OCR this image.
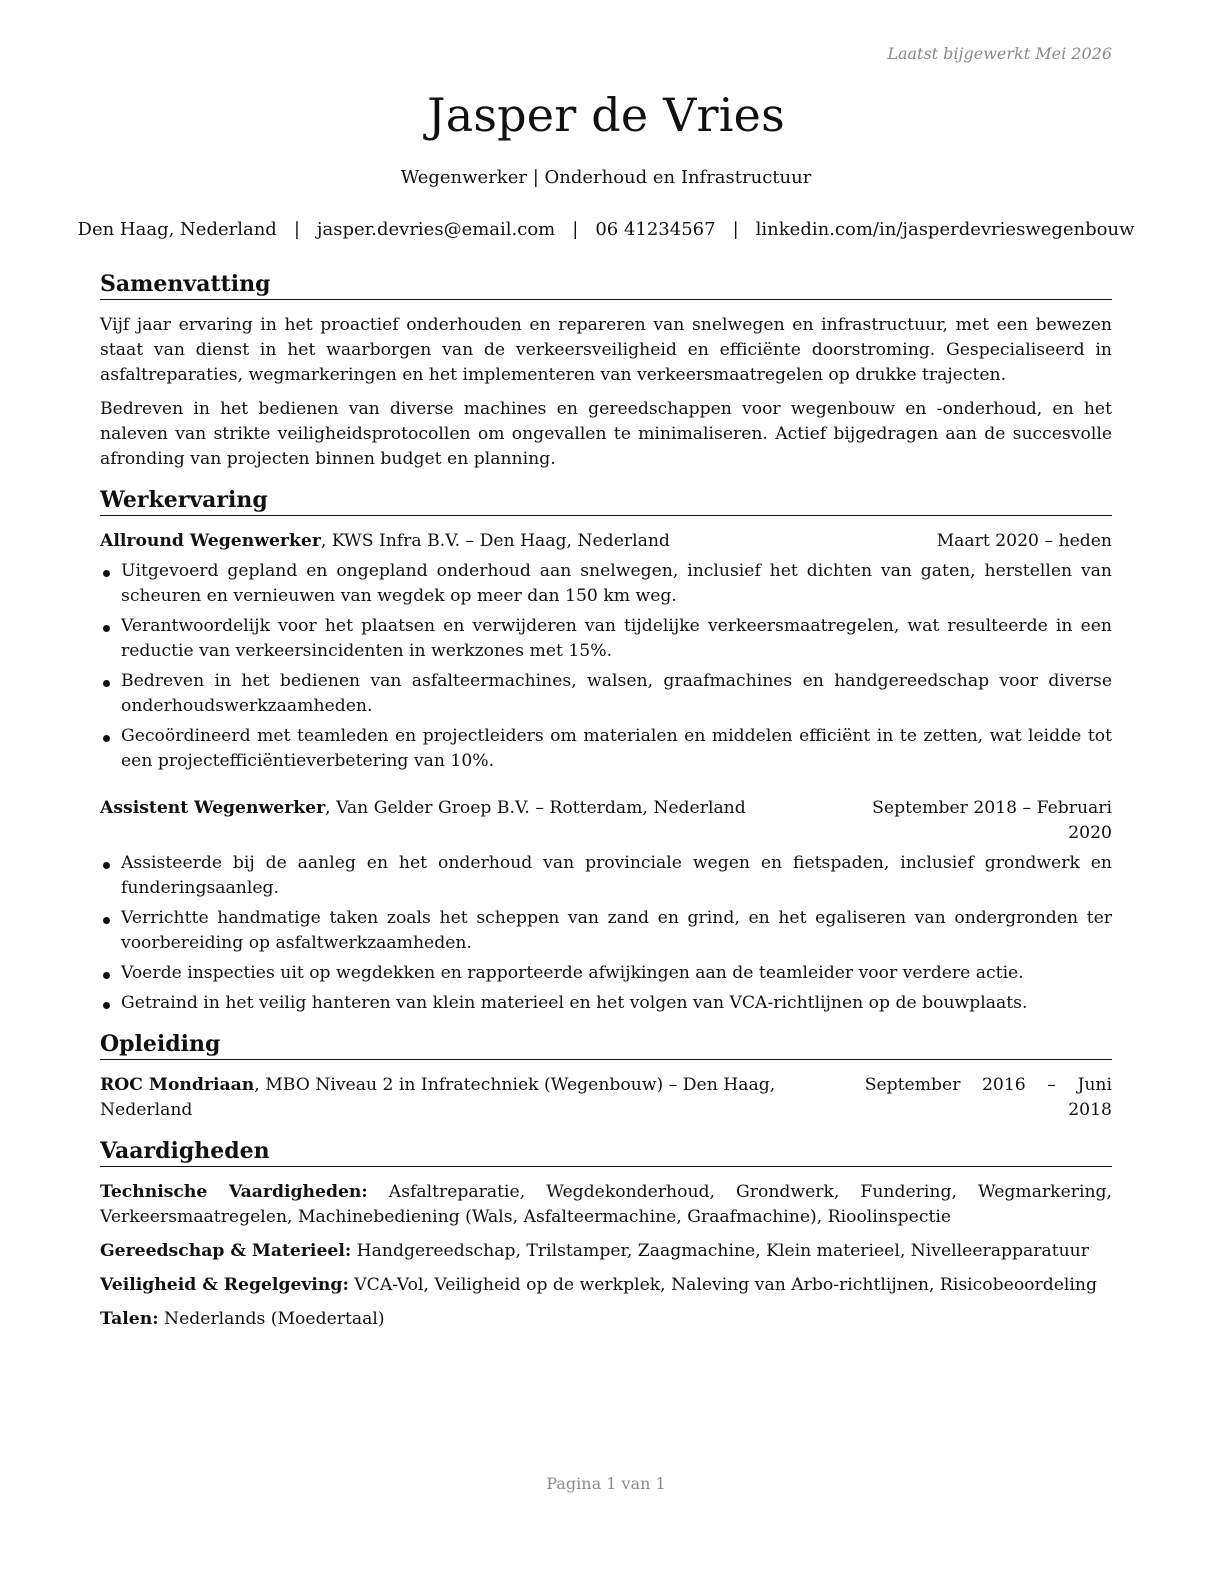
Laatst bijgewerkt Mei 2026
Jasper de Vries
Wegenwerker | Onderhoud en Infrastructuur
Den Haag, Nederland | jasper.devries@email.com | 06 41234567 | linkedin.com/in/jasperdevrieswegenbouw
Samenvatting

Vijf jaar ervaring in het proactief onderhouden en repareren van snelwegen en infrastructuur, met een bewezen staat van dienst in het waarborgen van de verkeersveiligheid en efficiënte doorstroming. Gespecialiseerd in asfaltreparaties, wegmarkeringen en het implementeren van verkeersmaatregelen op drukke trajecten.

Bedreven in het bedienen van diverse machines en gereedschappen voor wegenbouw en -onderhoud, en het naleven van strikte veiligheidsprotocollen om ongevallen te minimaliseren. Actief bijgedragen aan de succesvolle afronding van projecten binnen budget en planning.

Werkervaring
Allround Wegenwerker, KWS Infra B.V. – Den Haag, Nederland	Maart 2020 – heden
Uitgevoerd gepland en ongepland onderhoud aan snelwegen, inclusief het dichten van gaten, herstellen van scheuren en vernieuwen van wegdek op meer dan 150 km weg.
Verantwoordelijk voor het plaatsen en verwijderen van tijdelijke verkeersmaatregelen, wat resulteerde in een reductie van verkeersincidenten in werkzones met 15%.
Bedreven in het bedienen van asfalteermachines, walsen, graafmachines en handgereedschap voor diverse onderhoudswerkzaamheden.
Gecoördineerd met teamleden en projectleiders om materialen en middelen efficiënt in te zetten, wat leidde tot een projectefficiëntieverbetering van 10%.
Assistent Wegenwerker, Van Gelder Groep B.V. – Rotterdam, Nederland	September 2018 – Februari 2020
Assisteerde bij de aanleg en het onderhoud van provinciale wegen en fietspaden, inclusief grondwerk en funderingsaanleg.
Verrichtte handmatige taken zoals het scheppen van zand en grind, en het egaliseren van ondergronden ter voorbereiding op asfaltwerkzaamheden.
Voerde inspecties uit op wegdekken en rapporteerde afwijkingen aan de teamleider voor verdere actie.
Getraind in het veilig hanteren van klein materieel en het volgen van VCA-richtlijnen op de bouwplaats.
Opleiding
ROC Mondriaan, MBO Niveau 2 in Infratechniek (Wegenbouw) – Den Haag, Nederland
September 2016 – Juni 2018
Vaardigheden
Technische Vaardigheden: Asfaltreparatie, Wegdekonderhoud, Grondwerk, Fundering, Wegmarkering, Verkeersmaatregelen, Machinebediening (Wals, Asfalteermachine, Graafmachine), Rioolinspectie
Gereedschap & Materieel: Handgereedschap, Trilstamper, Zaagmachine, Klein materieel, Nivelleerapparatuur
Veiligheid & Regelgeving: VCA-Vol, Veiligheid op de werkplek, Naleving van Arbo-richtlijnen, Risicobeoordeling
Talen: Nederlands (Moedertaal)
Pagina 1 van 1
